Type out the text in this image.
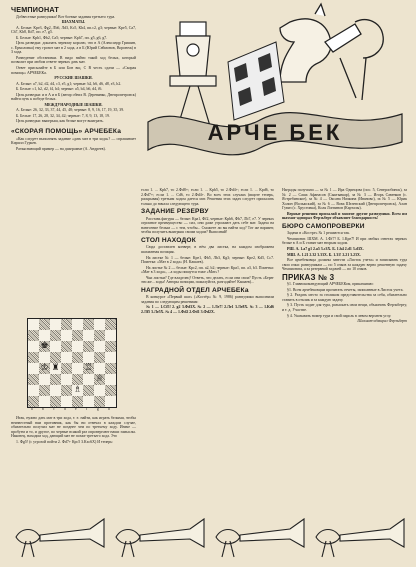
ЧЕМПИОНАТ

Добвестные разведчики! Вот боевые задания третьего тура.

ШАХМАТЫ.

А. Белые: Кре3, Фg2, Лb6, Лd3, Кc5, Кh4, пп.c2, g3; черные: Кре5, Сa7, Сh7, Кh8, Кd7, пп. e7, g5.

Б. Белые: Крh1, Фb2, Сa5; черные: Крh7, пп. g5, g6, g7.

Цель разведки: доказать черному королю, что в А (Александр Гришин, с. Ермоловка) ему грозит мат в 2 хода, а в Б (Юрий Сеймонов, Воронеж) в 3 хода.

Разведение обстановки. В видо найти такой ход белых, который позволит при любом ответе черных дать мат.

Ответ присылайте в Б или Бон вщ. С В честь сдачи — «Скорая помощь» АРЧЕБЕКа.

РУССКИЕ ШАШКИ.

А. Белые: a7, b2, d2, d4, c3, e5, g1; черные: b2, b6, d6, d8, e3, h2.

Б. Белые: c1, b2, d2, f4, h4; черные: a5, b4, b6, d4, f6.

Цель разведки: и в А и в Б (автор обеих В. Деревянко, Днепропетровск) найти путь к победе белых.

МЕЖДУНАРОДНЫЕ ШАШКИ.

А. Белые: 26, 32, 33, 37, 44, 45, 48; черные: 8, 9, 16, 17, 19, 35, 39.

Б. Белые: 17, 26, 28, 32, 34, 42; черные: 7, 8, 9, 13, 18, 19.

Цель разведки: выигрыш, как белые могут выиграть.

«СКОРАЯ ПОМОЩЬ» АРЧЕБЕКа

«Как следует выполнять задание «дать мат в три хода»? — спрашивает Кирилл Гурьев.

Разъясняющий пример — на диаграмме (А. Андреев).

♚
♜
♔
♗
♖
♕
a	b	c	d	e	f	g	h

Итак, нужно дать мат в три хода, т. е. найти, как играть белыми, чтобы неизвестный вам противник, как бы ни отвечал в каждом случае, обязательно получил мат не позднее чем по третьему ходу. Иначе — пробуем и то, и другое, по черные всякий раз опровергают наши замыслы. Наконец, находим ход, дающий мат не позже третьего хода. Это

1. Фg5! (с угрозой пойти 2. Фd7+ Крс5 3.Кхс6Х) И теперь:

АРЧЕ БЕК

если 1. ... Крb7, то 2.Фd8+; если 1. ... Крb5, то 2.Фd4+; если 1. ... Крd6, то 2.Фd7+; если 1. ... Сd6, то 2.Фd4+. Во всех этих случаях (ищите теперь, раскрывая) третьим ходом дается мат. Решения этих задач следует присылать только до начала следующего тура.

ЗАДАНИЕ РЕЗЕРВУ

Расставь фигуры — белые: Кра1, Фf2, черные: Крb6, Фb7, Лb7, e7. У черных огромное преимущество — сил, они даже угрожают дать себе мат. Задача на нанесение белым — с тем, чтобы... Сможете ли вы найти ход? Тот же вариант, чтобы получить выигрыш своим ходом? Выполняй!

СТОЛ НАХОДОК

Сюда доставлен конверт, в нём два листка, на каждом изображена шахматная позиция.

На листке № 1 — белые: Крe1, Фb5, Лb3, Кg3; черные: Кре2, Кd5, Сс7. Пометка: «Мат в 2 хода» (Н. Кашаев).

На листке № 2 — белые: Крс2, пп. а2, b2; черные: Крa1, пп. а3, b3. Пометка: «Мат в 3 хода», ...а ходы пишутся тоже «Мат»?

Чьи листки? Где владелец? Ответь, что делать, если они свои? Пусть «Берег эти же... ходы! Авторы позиции, пожалуйста, разгадайте! Кашаев)...

НАГРАДНОЙ ОТДЕЛ АРЧЕБЕКа

В конкурсе «Первый шаг» («Костёр» № 9, 1986) разведчики выполнили задания по следующим решениям:

№ 1 — 1.Сf5! 2. g2 3.Фd3Х. № 2 — 1.Ле7! 2.Ле1 3.Лe8Х. № 3 — 1.Кd6 2.Лf5 3.Лe5Х. № 4 — 1.Фd2 2.Фd1 3.Фd2Х.

Награды получили — за № 1 — Ира Одинцова (пос. 5, Северообинск), за № 2 — Саша Афанасов (Сыктывкар), за № 3 — Игорь Савенков (с. Ястребинское), за № 4 — Оксана Начкина (Иваново), за № 5 — Юрик Холин (Вольжский), за № 6 — Вова Шелевский (Днепропетровск), Алан Гувиз (с. Хрустовка), Коля Логвинов (Карталы).

Верные решения присылай и многие другие разведчики. Всем им шахмат-адмирал Ферзьберт объявляет благодарность!

БЮРО САМОПРОВЕРКИ

Задачи в «Костре» № 1 решаются так.

Чемпионат. ШХМ. А. 1.Фf7! Б. 1.Кре7! И при любых ответах черных белые в А и Б ставят мат вторым ходом.

РШ. А. 1.а7 g1 2.а5 3.сЗХ. Б. 1.h4 2.d1 3.dЗХ.

МШ. А. 1.21 2.32 3.33Х. Б. 1.31! 2.21 3.23Х.

Все арчебековцы должны завести «Листок учета» и записывать туда свои очки: разведчикам — по 5 очков за каждую верно решенную задачу Чемпионата, а за резервной задачей — по 10 очков.

ПРИКАЗ № 3

§1. Главнокомандующий АРЧЕБЕКом, приказываю:

§1. Всем арчебековцам прочитать отчеты, записанные в Листок учета.

§ 2. Раздать место за столиком представительства за себя, обязательно ставить в отклик и за каждую задачу.

§ 3. Пусть ходит для тура, разыскать свои вещи, объяснить Ферзьберту, и т. д. Участие.

§ 4. Указывать номер тура и свой пароль в левом верхнем углу.

Шахмат-адмирал Ферзьберт
